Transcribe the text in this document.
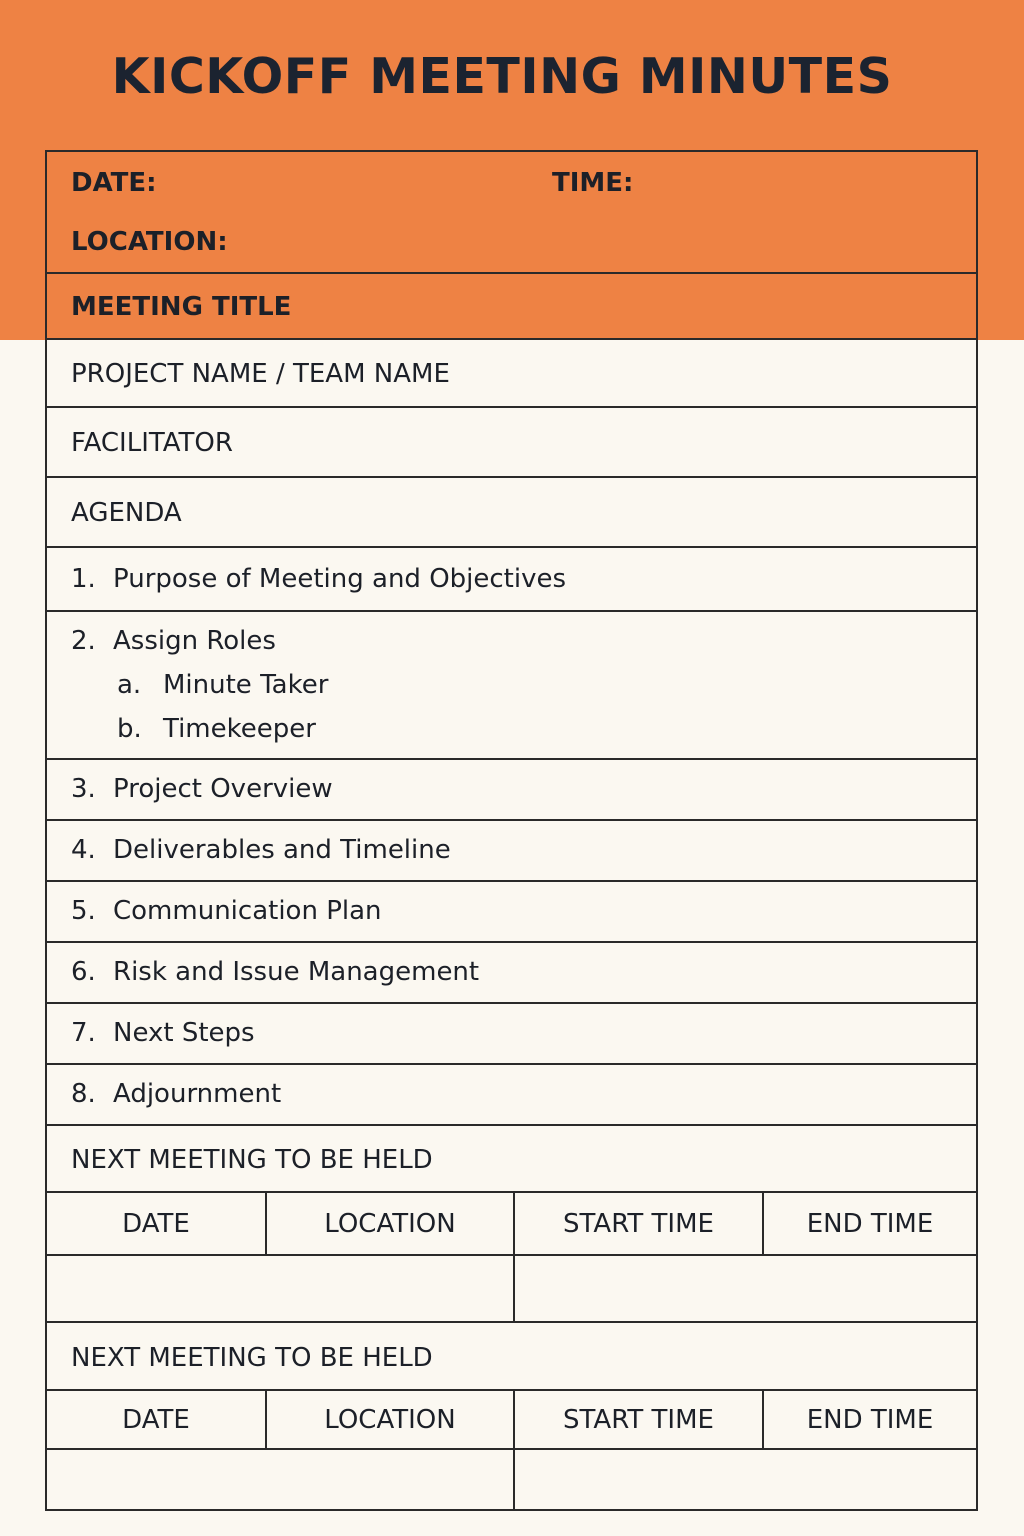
KICKOFF MEETING MINUTES
DATE:	TIME:
LOCATION:
MEETING TITLE
PROJECT NAME / TEAM NAME
FACILITATOR
AGENDA
1. Purpose of Meeting and Objectives
2. Assign Roles
a. Minute Taker
b. Timekeeper
3. Project Overview
4. Deliverables and Timeline
5. Communication Plan
6. Risk and Issue Management
7. Next Steps
8. Adjournment
NEXT MEETING TO BE HELD
DATE	LOCATION	START TIME	END TIME
NEXT MEETING TO BE HELD
DATE	LOCATION	START TIME	END TIME
